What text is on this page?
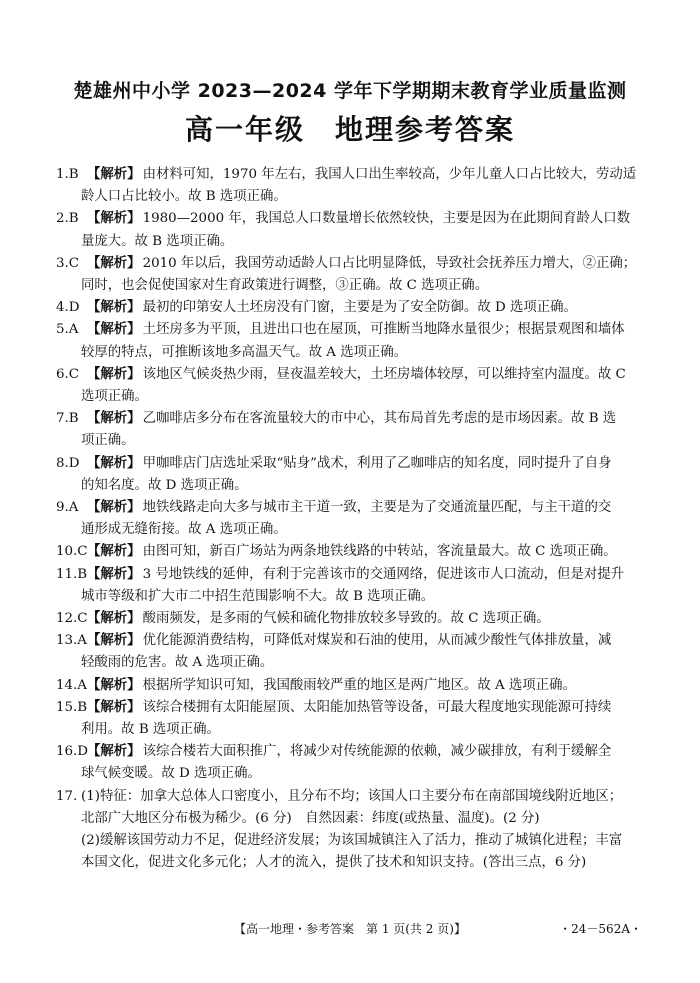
楚雄州中小学 2023—2024 学年下学期期末教育学业质量监测
高一年级　地理参考答案
1.B 【解析】 由材料可知，1970 年左右，我国人口出生率较高，少年儿童人口占比较大，劳动适
龄人口占比较小。故 B 选项正确。
2.B 【解析】 1980—2000 年，我国总人口数量增长依然较快，主要是因为在此期间育龄人口数
量庞大。故 B 选项正确。
3.C 【解析】 2010 年以后，我国劳动适龄人口占比明显降低，导致社会抚养压力增大，②正确；
同时，也会促使国家对生育政策进行调整，③正确。故 C 选项正确。
4.D 【解析】 最初的印第安人土坯房没有门窗，主要是为了安全防御。故 D 选项正确。
5.A 【解析】 土坯房多为平顶，且进出口也在屋顶，可推断当地降水量很少；根据景观图和墙体
较厚的特点，可推断该地多高温天气。故 A 选项正确。
6.C 【解析】 该地区气候炎热少雨，昼夜温差较大，土坯房墙体较厚，可以维持室内温度。故 C
选项正确。
7.B 【解析】 乙咖啡店多分布在客流量较大的市中心，其布局首先考虑的是市场因素。故 B 选
项正确。
8.D 【解析】 甲咖啡店门店选址采取“贴身”战术，利用了乙咖啡店的知名度，同时提升了自身
的知名度。故 D 选项正确。
9.A 【解析】 地铁线路走向大多与城市主干道一致，主要是为了交通流量匹配，与主干道的交
通形成无缝衔接。故 A 选项正确。
10.C【解析】 由图可知，新百广场站为两条地铁线路的中转站，客流量最大。故 C 选项正确。
11.B【解析】 3 号地铁线的延伸，有利于完善该市的交通网络，促进该市人口流动，但是对提升
城市等级和扩大市二中招生范围影响不大。故 B 选项正确。
12.C【解析】 酸雨频发，是多雨的气候和硫化物排放较多导致的。故 C 选项正确。
13.A【解析】 优化能源消费结构，可降低对煤炭和石油的使用，从而减少酸性气体排放量，减
轻酸雨的危害。故 A 选项正确。
14.A【解析】 根据所学知识可知，我国酸雨较严重的地区是两广地区。故 A 选项正确。
15.B【解析】 该综合楼拥有太阳能屋顶、太阳能加热管等设备，可最大程度地实现能源可持续
利用。故 B 选项正确。
16.D【解析】 该综合楼若大面积推广，将减少对传统能源的依赖，减少碳排放，有利于缓解全
球气候变暖。故 D 选项正确。
17. (1)特征：加拿大总体人口密度小，且分布不均；该国人口主要分布在南部国境线附近地区；
北部广大地区分布极为稀少。(6 分)　自然因素：纬度(或热量、温度)。(2 分)
(2)缓解该国劳动力不足，促进经济发展；为该国城镇注入了活力，推动了城镇化进程；丰富
本国文化，促进文化多元化；人才的流入，提供了技术和知识支持。(答出三点，6 分)
【高一地理・参考答案　第 1 页(共 2 页)】	・24－562A・
